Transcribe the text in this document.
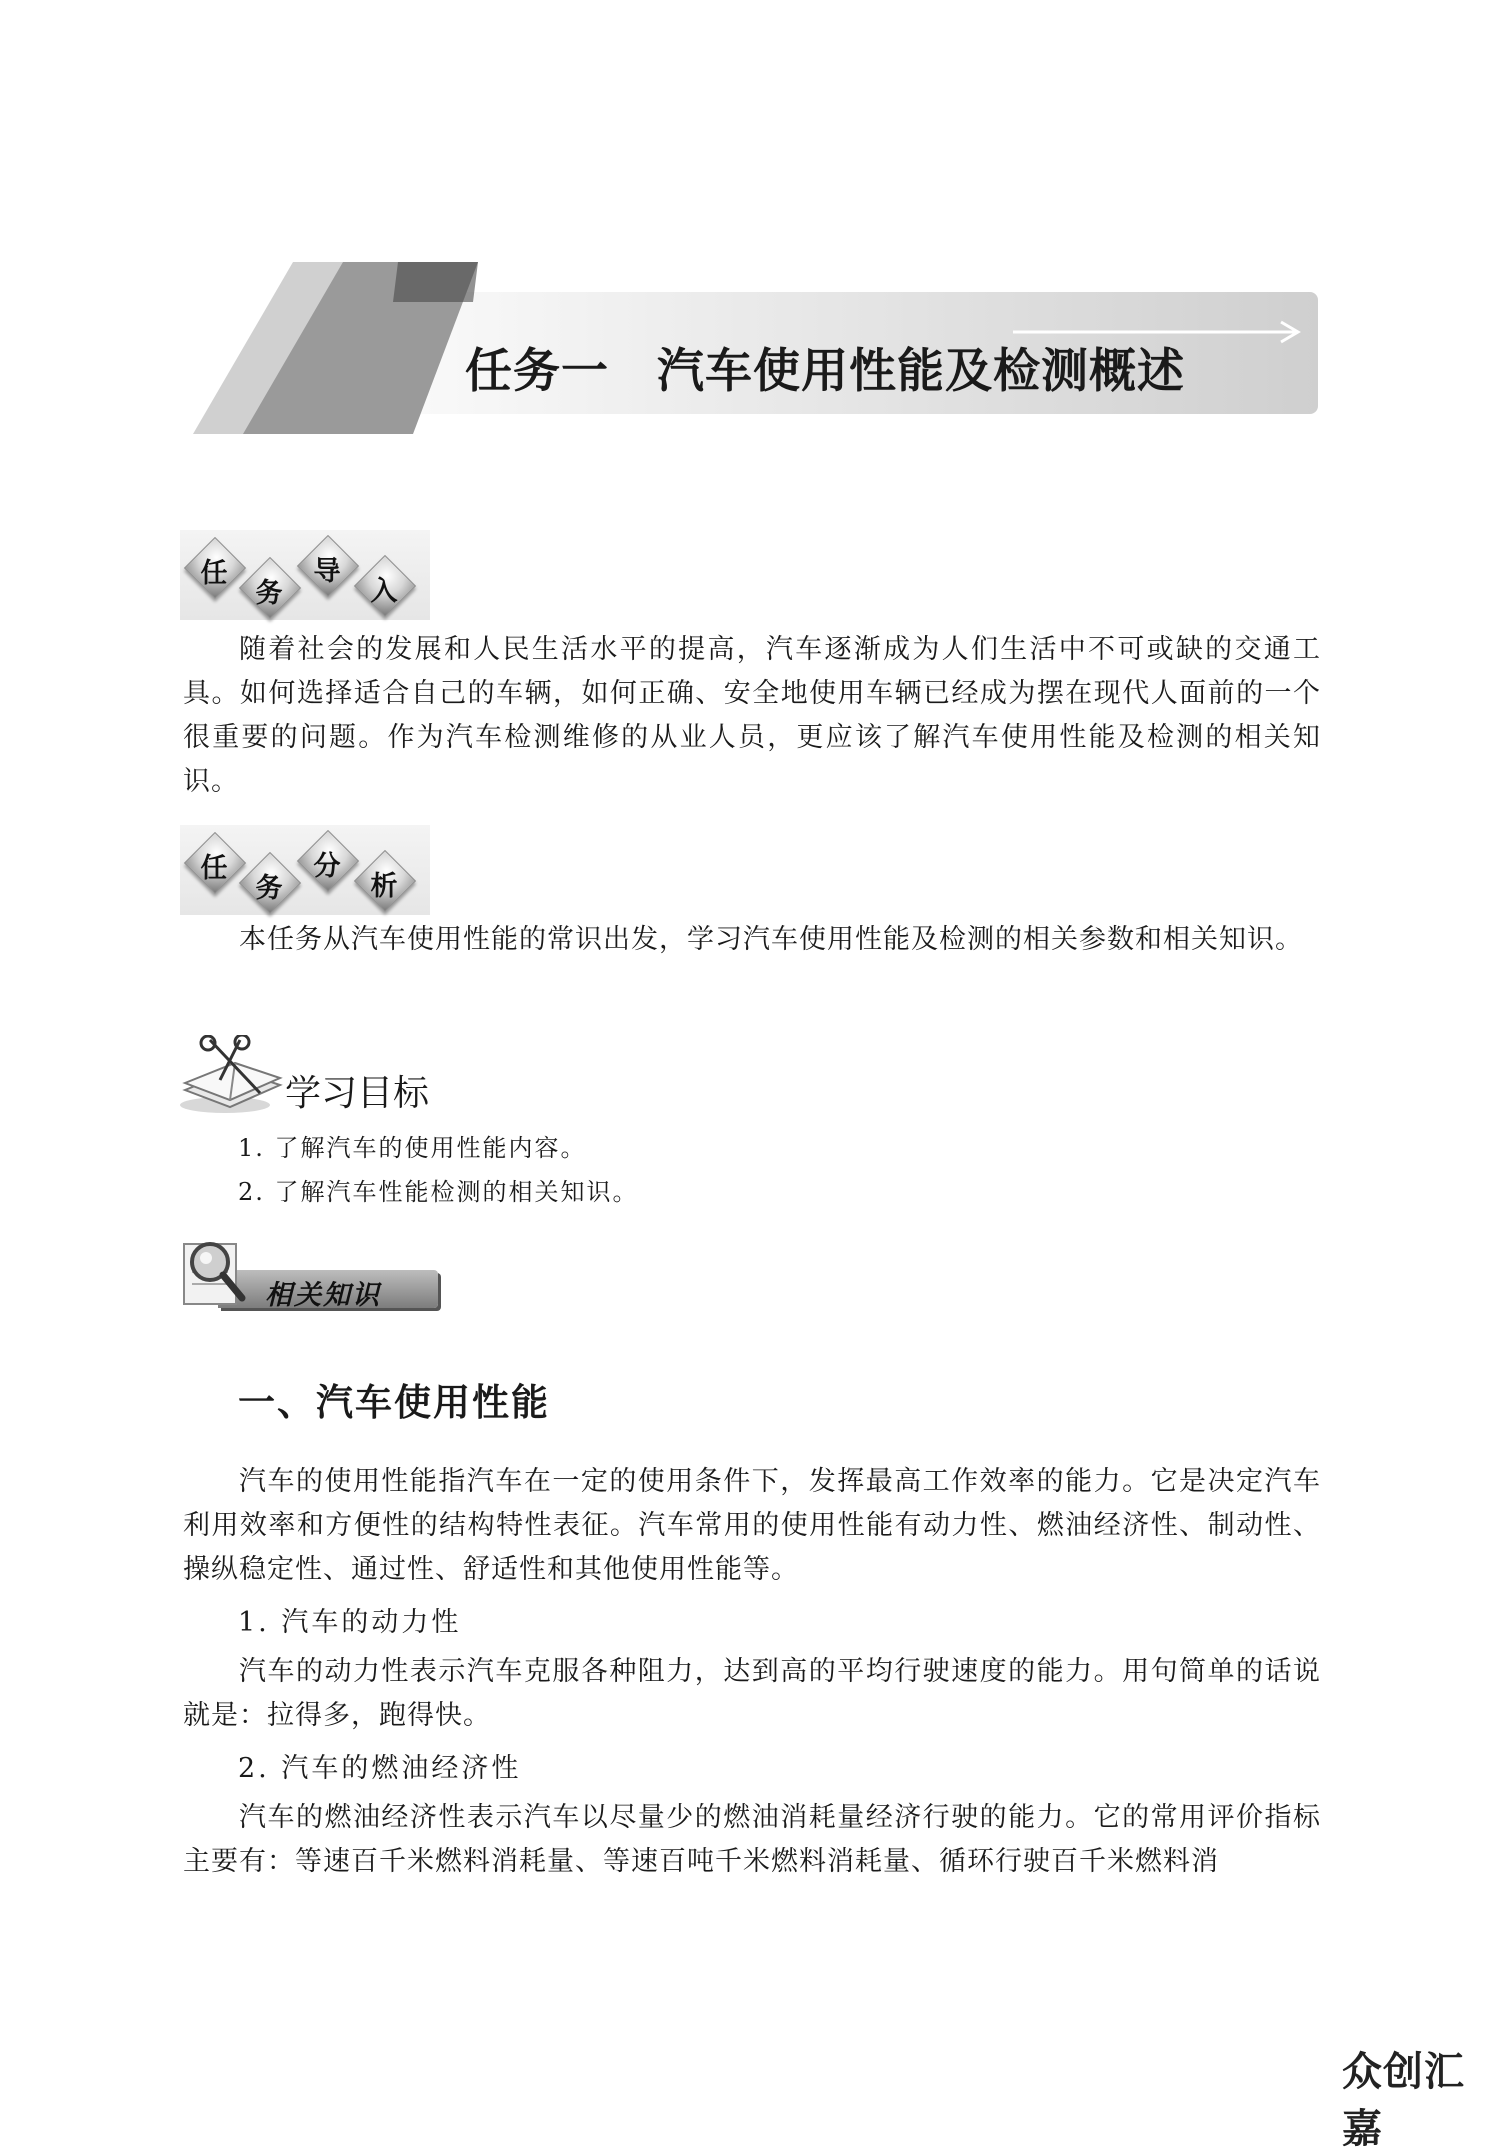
任务一　汽车使用性能及检测概述
任
务
导
入
随着社会的发展和人民生活水平的提高，汽车逐渐成为人们生活中不可或缺的交通工具。如何选择适合自己的车辆，如何正确、安全地使用车辆已经成为摆在现代人面前的一个很重要的问题。作为汽车检测维修的从业人员，更应该了解汽车使用性能及检测的相关知识。
任
务
分
析
本任务从汽车使用性能的常识出发，学习汽车使用性能及检测的相关参数和相关知识。
学习目标
1. 了解汽车的使用性能内容。
2. 了解汽车性能检测的相关知识。
相关知识
一、汽车使用性能
汽车的使用性能指汽车在一定的使用条件下，发挥最高工作效率的能力。它是决定汽车利用效率和方便性的结构特性表征。汽车常用的使用性能有动力性、燃油经济性、制动性、操纵稳定性、通过性、舒适性和其他使用性能等。
1. 汽车的动力性
汽车的动力性表示汽车克服各种阻力，达到高的平均行驶速度的能力。用句简单的话说就是：拉得多，跑得快。
2. 汽车的燃油经济性
汽车的燃油经济性表示汽车以尽量少的燃油消耗量经济行驶的能力。它的常用评价指标主要有：等速百千米燃料消耗量、等速百吨千米燃料消耗量、循环行驶百千米燃料消
众创汇嘉
